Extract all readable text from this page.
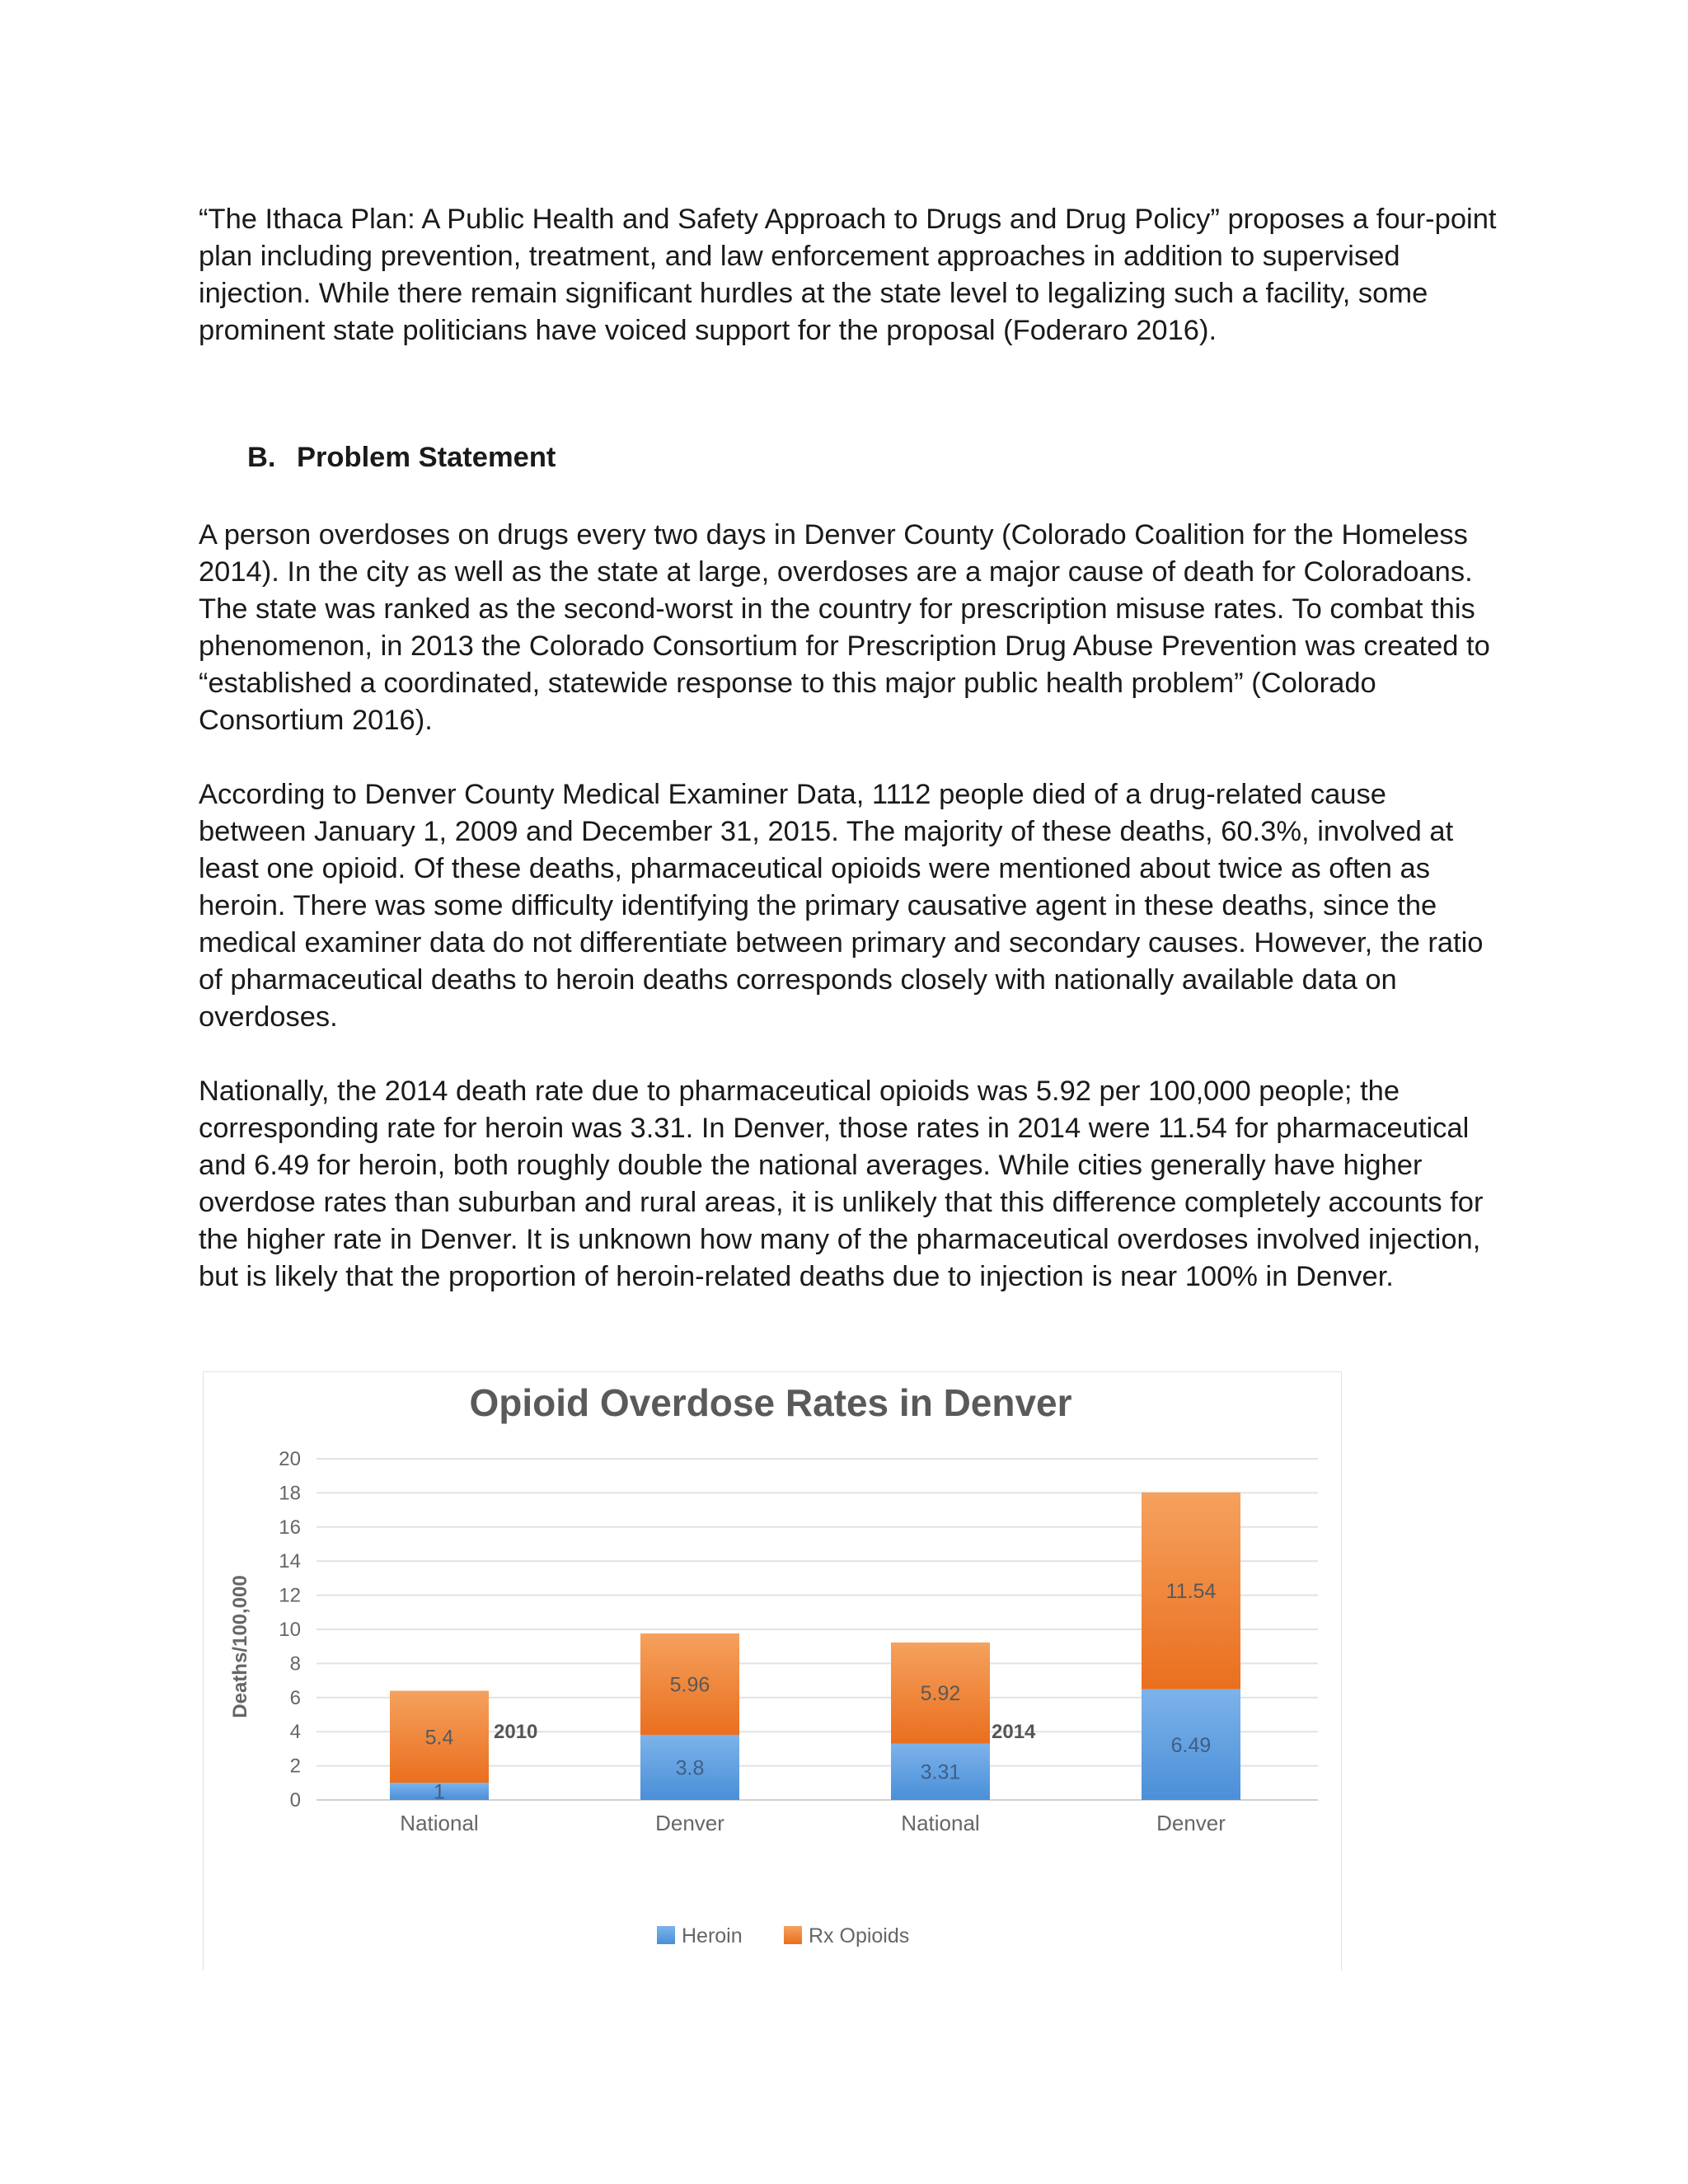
“The Ithaca Plan: A Public Health and Safety Approach to Drugs and Drug Policy” proposes a four-point plan including prevention, treatment, and law enforcement approaches in addition to supervised injection. While there remain significant hurdles at the state level to legalizing such a facility, some prominent state politicians have voiced support for the proposal (Foderaro 2016).

B. Problem Statement

A person overdoses on drugs every two days in Denver County (Colorado Coalition for the Homeless 2014). In the city as well as the state at large, overdoses are a major cause of death for Coloradoans. The state was ranked as the second-worst in the country for prescription misuse rates. To combat this phenomenon, in 2013 the Colorado Consortium for Prescription Drug Abuse Prevention was created to “established a coordinated, statewide response to this major public health problem” (Colorado Consortium 2016).

According to Denver County Medical Examiner Data, 1112 people died of a drug-related cause between January 1, 2009 and December 31, 2015. The majority of these deaths, 60.3%, involved at least one opioid. Of these deaths, pharmaceutical opioids were mentioned about twice as often as heroin. There was some difficulty identifying the primary causative agent in these deaths, since the medical examiner data do not differentiate between primary and secondary causes. However, the ratio of pharmaceutical deaths to heroin deaths corresponds closely with nationally available data on overdoses.

Nationally, the 2014 death rate due to pharmaceutical opioids was 5.92 per 100,000 people; the corresponding rate for heroin was 3.31. In Denver, those rates in 2014 were 11.54 for pharmaceutical and 6.49 for heroin, both roughly double the national averages. While cities generally have higher overdose rates than suburban and rural areas, it is unlikely that this difference completely accounts for the higher rate in Denver. It is unknown how many of the pharmaceutical overdoses involved injection, but is likely that the proportion of heroin-related deaths due to injection is near 100% in Denver.

Opioid Overdose Rates in Denver
0
2
4
6
8
10
12
14
16
18
20
Deaths/100,000
1
5.4
3.8
5.96
3.31
5.92
6.49
11.54
2010	2014
National	Denver	National	Denver
Heroin	Rx Opioids
